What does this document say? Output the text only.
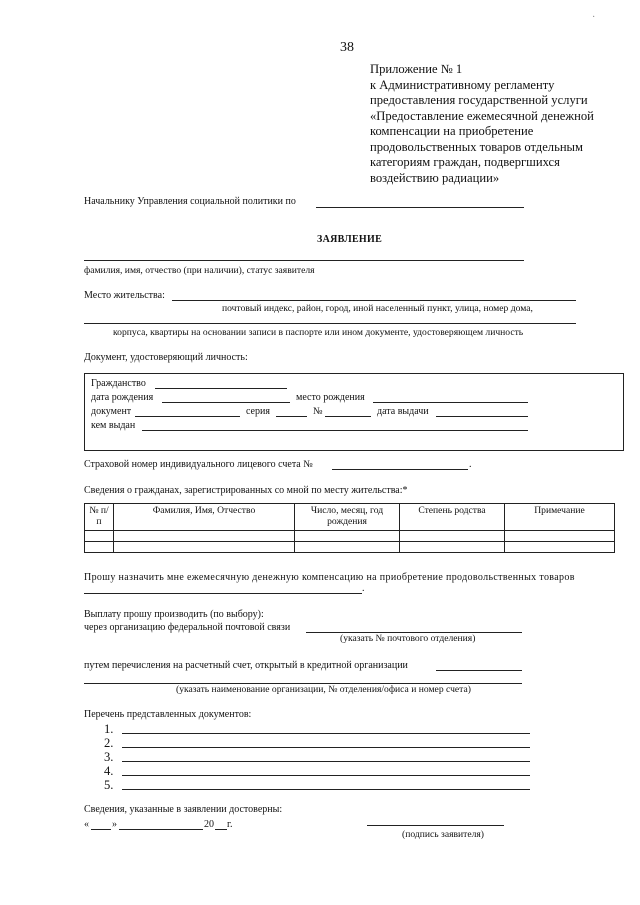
·
38
Приложение № 1
к Административному регламенту
предоставления государственной услуги
«Предоставление ежемесячной денежной
компенсации на приобретение
продовольственных товаров отдельным
категориям граждан, подвергшихся
воздействию радиации»
Начальнику Управления социальной политики по
ЗАЯВЛЕНИЕ
фамилия, имя, отчество (при наличии), статус заявителя
Место жительства:
почтовый индекс, район, город, иной населенный пункт, улица, номер дома,
корпуса, квартиры на основании записи в паспорте или ином документе, удостоверяющем личность
Документ, удостоверяющий личность:
Гражданство
дата рождения	место рождения
документ	серия	№	дата выдачи
кем выдан
Страховой номер индивидуального лицевого счета №	.
Сведения о гражданах, зарегистрированных со мной по месту жительства:*
№ п/п	Фамилия, Имя, Отчество	Число, месяц, год рождения	Степень родства	Примечание

Прошу назначить мне ежемесячную денежную компенсацию на приобретение продовольственных товаров
.
Выплату прошу производить (по выбору):
через организацию федеральной почтовой связи
(указать № почтового отделения)
путем перечисления на расчетный счет, открытый в кредитной организации
(указать наименование организации, № отделения/офиса и номер счета)
Перечень представленных документов:
1.
2.
3.
4.
5.
Сведения, указанные в заявлении достоверны:
« »	20 г.
(подпись заявителя)
